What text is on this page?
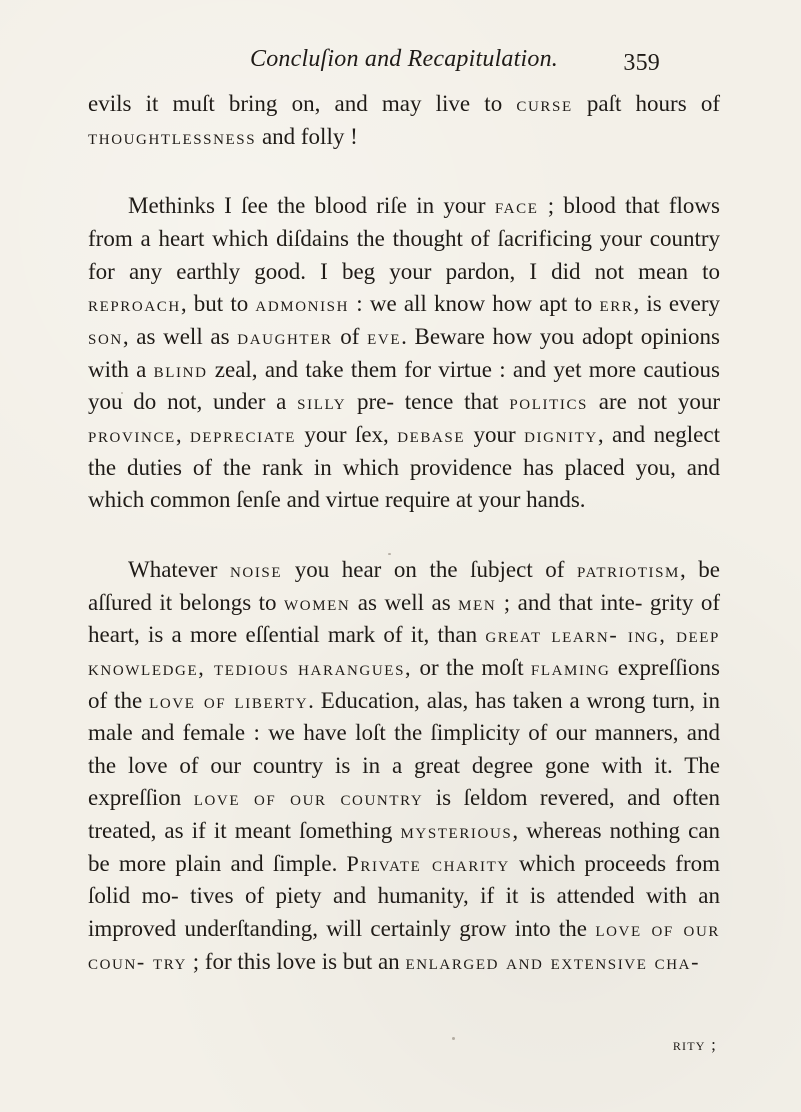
Concluſion and Recapitulation.	359

evils it muſt bring on, and may live to curse paſt hours of thoughtlessness and folly !

Methinks I ſee the blood riſe in your face ; blood that flows from a heart which diſdains the thought of ſacrificing your country for any earthly good. I beg your pardon, I did not mean to reproach, but to admonish : we all know how apt to err, is every son, as well as daughter of eve. Beware how you adopt opinions with a blind zeal, and take them for virtue : and yet more cautious you do not, under a silly pre- tence that politics are not your province, depreciate your ſex, debase your dignity, and neglect the duties of the rank in which providence has placed you, and which common ſenſe and virtue require at your hands.

Whatever noise you hear on the ſubject of patriotism, be aſſured it belongs to women as well as men ; and that inte- grity of heart, is a more eſſential mark of it, than great learn- ing, deep knowledge, tedious harangues, or the moſt flaming expreſſions of the love of liberty. Education, alas, has taken a wrong turn, in male and female : we have loſt the ſimplicity of our manners, and the love of our country is in a great degree gone with it. The expreſſion love of our country is ſeldom revered, and often treated, as if it meant ſomething mysterious, whereas nothing can be more plain and ſimple. Private charity which proceeds from ſolid mo- tives of piety and humanity, if it is attended with an improved underſtanding, will certainly grow into the love of our coun- try ; for this love is but an enlarged and extensive cha-

rity ;
